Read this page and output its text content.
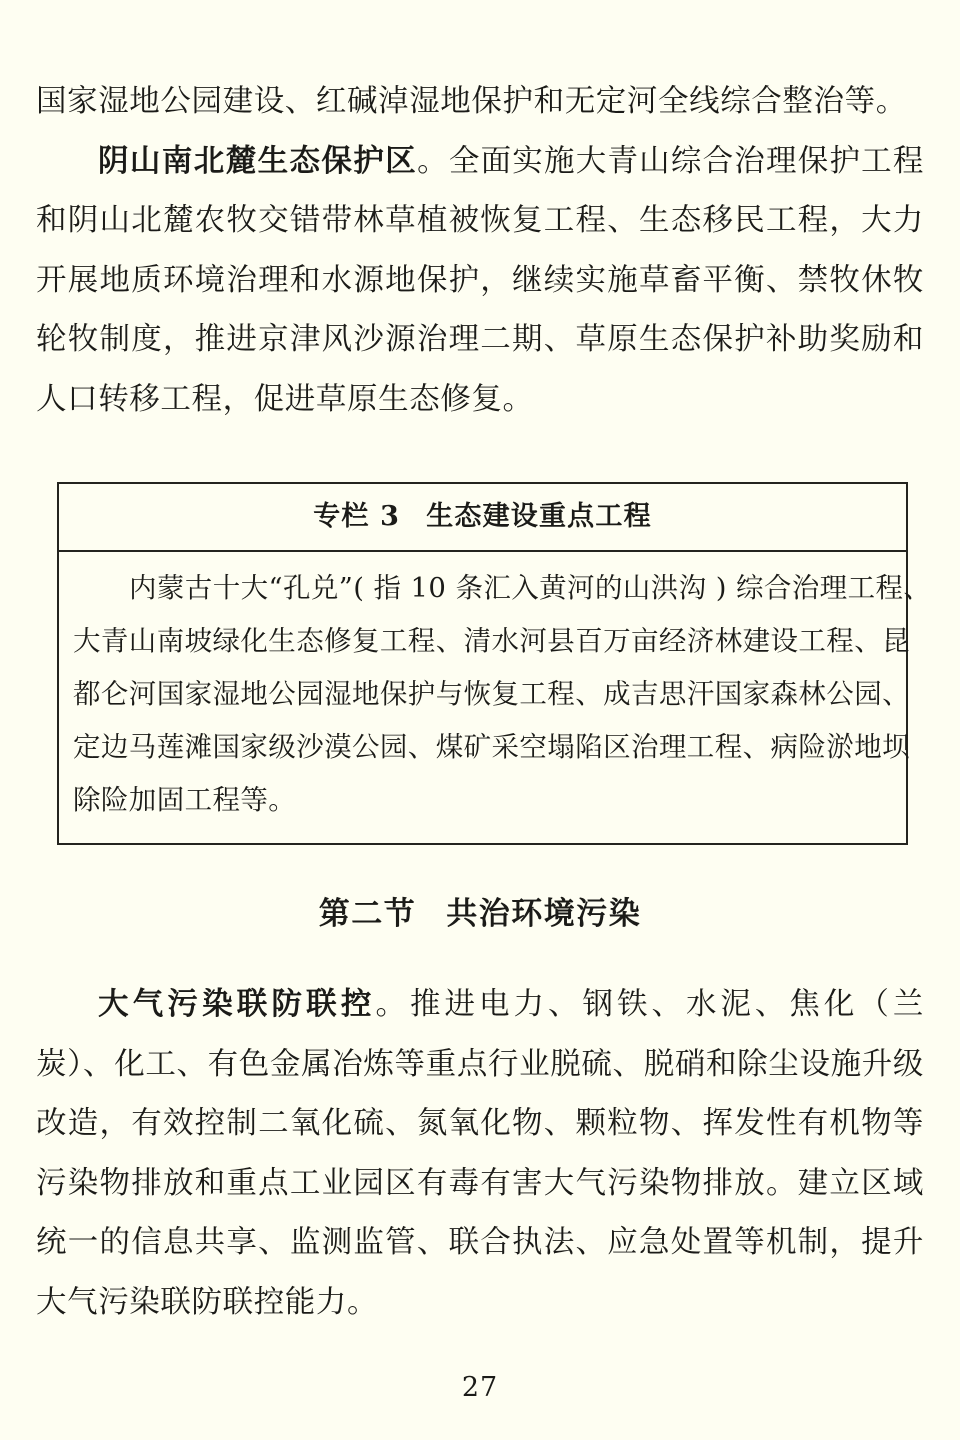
国家湿地公园建设、红碱淖湿地保护和无定河全线综合整治等。

阴山南北麓生态保护区。全面实施大青山综合治理保护工程和阴山北麓农牧交错带林草植被恢复工程、生态移民工程，大力开展地质环境治理和水源地保护，继续实施草畜平衡、禁牧休牧轮牧制度，推进京津风沙源治理二期、草原生态保护补助奖励和人口转移工程，促进草原生态修复。

专栏 3 生态建设重点工程

内蒙古十大“孔兑”( 指 10 条汇入黄河的山洪沟 ) 综合治理工程、

大青山南坡绿化生态修复工程、清水河县百万亩经济林建设工程、昆

都仑河国家湿地公园湿地保护与恢复工程、成吉思汗国家森林公园、

定边马莲滩国家级沙漠公园、煤矿采空塌陷区治理工程、病险淤地坝

除险加固工程等。

第二节 共治环境污染

大气污染联防联控。推进电力、钢铁、水泥、焦化（兰炭）、化工、有色金属冶炼等重点行业脱硫、脱硝和除尘设施升级改造，有效控制二氧化硫、氮氧化物、颗粒物、挥发性有机物等污染物排放和重点工业园区有毒有害大气污染物排放。建立区域统一的信息共享、监测监管、联合执法、应急处置等机制，提升大气污染联防联控能力。

27
